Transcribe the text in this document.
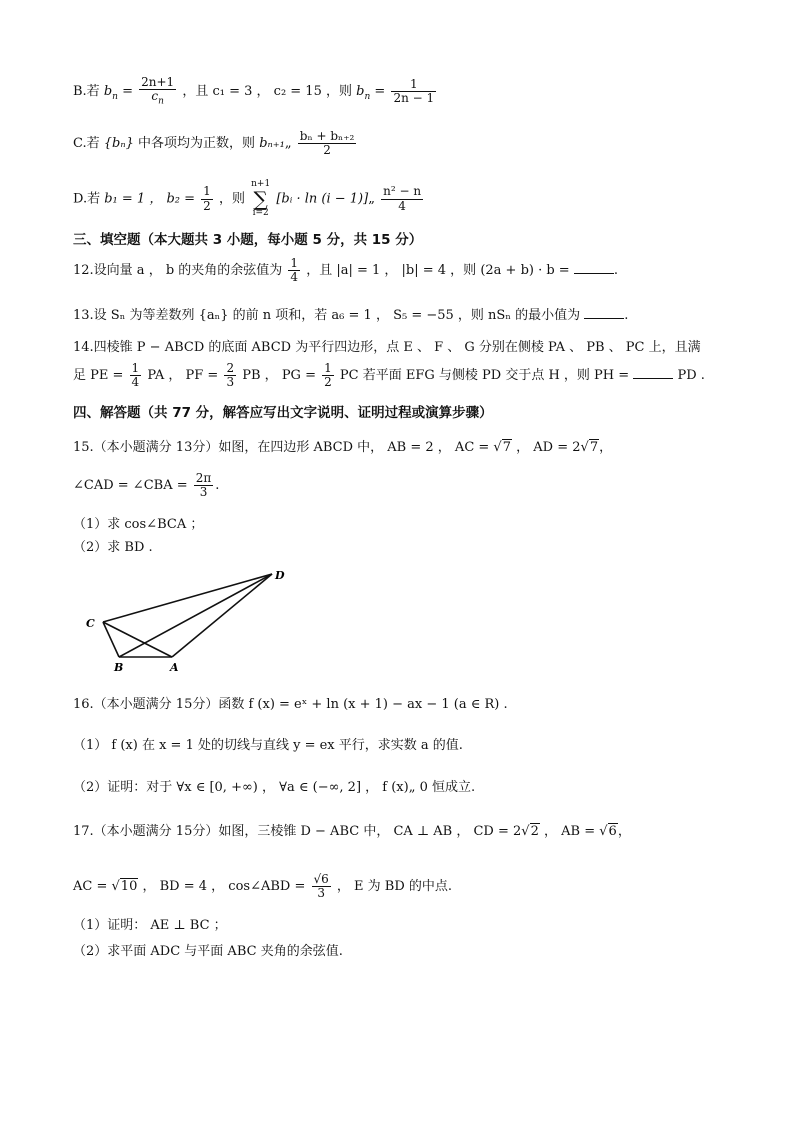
B.若 $b_n = \frac{2n+1}{c_n}$ ，且 c₁ = 3 ， c₂ = 15 ，则 $b_n = \frac{1}{2n - 1}$
C.若 {bₙ} 中各项均为正数，则 bₙ₊₁„ $\frac{\text{bₙ + bₙ₊₂}}{2}$
D.若 b₁ = 1 ， $b_2 = \frac{1}{2}$ ，则 n+1
∑
i=2 [bᵢ · ln (i − 1)]„ $\frac{\text{n² − n}}{4}$
三、填空题（本大题共 3 小题，每小题 5 分，共 15 分）
12.设向量 a ， b 的夹角的余弦值为 $\frac{1}{4}$ ，且 |a| = 1 ， |b| = 4 ，则 (2a + b) · b =	.
13.设 Sₙ 为等差数列 {aₙ} 的前 n 项和，若 a₆ = 1 ， S₅ = −55 ，则 nSₙ 的最小值为	.
14.四棱锥 P − ABCD 的底面 ABCD 为平行四边形，点 E 、 F 、 G 分别在侧棱 PA 、 PB 、 PC 上，且满
足 PE = $\frac{1}{4}$ PA ， PF = $\frac{2}{3}$ PB ， PG = $\frac{1}{2}$ PC 若平面 EFG 与侧棱 PD 交于点 H ，则 PH =	PD .
四、解答题（共 77 分，解答应写出文字说明、证明过程或演算步骤）
15.（本小题满分 13分）如图，在四边形 ABCD 中， AB = 2 ， AC = √7 ， AD = 2√7，
∠CAD = ∠CBA = $\frac{2\pi}{3}$ .
（1）求 cos∠BCA ；
（2）求 BD .
C
B	A
D
16.（本小题满分 15分）函数 f (x) = eˣ + ln (x + 1) − ax − 1 (a ∈ R) .
（1） f (x) 在 x = 1 处的切线与直线 y = ex 平行，求实数 a 的值.
（2）证明：对于 ∀x ∈ [0, +∞) ， ∀a ∈ (−∞, 2] ， f (x)„ 0 恒成立.
17.（本小题满分 15分）如图，三棱锥 D − ABC 中， CA ⊥ AB ， CD = 2√2 ， AB = √6，
AC = √10 ， BD = 4 ， cos∠ABD = $\frac{√6}{3}$ ， E 为 BD 的中点.
（1）证明： AE ⊥ BC ；
（2）求平面 ADC 与平面 ABC 夹角的余弦值.
